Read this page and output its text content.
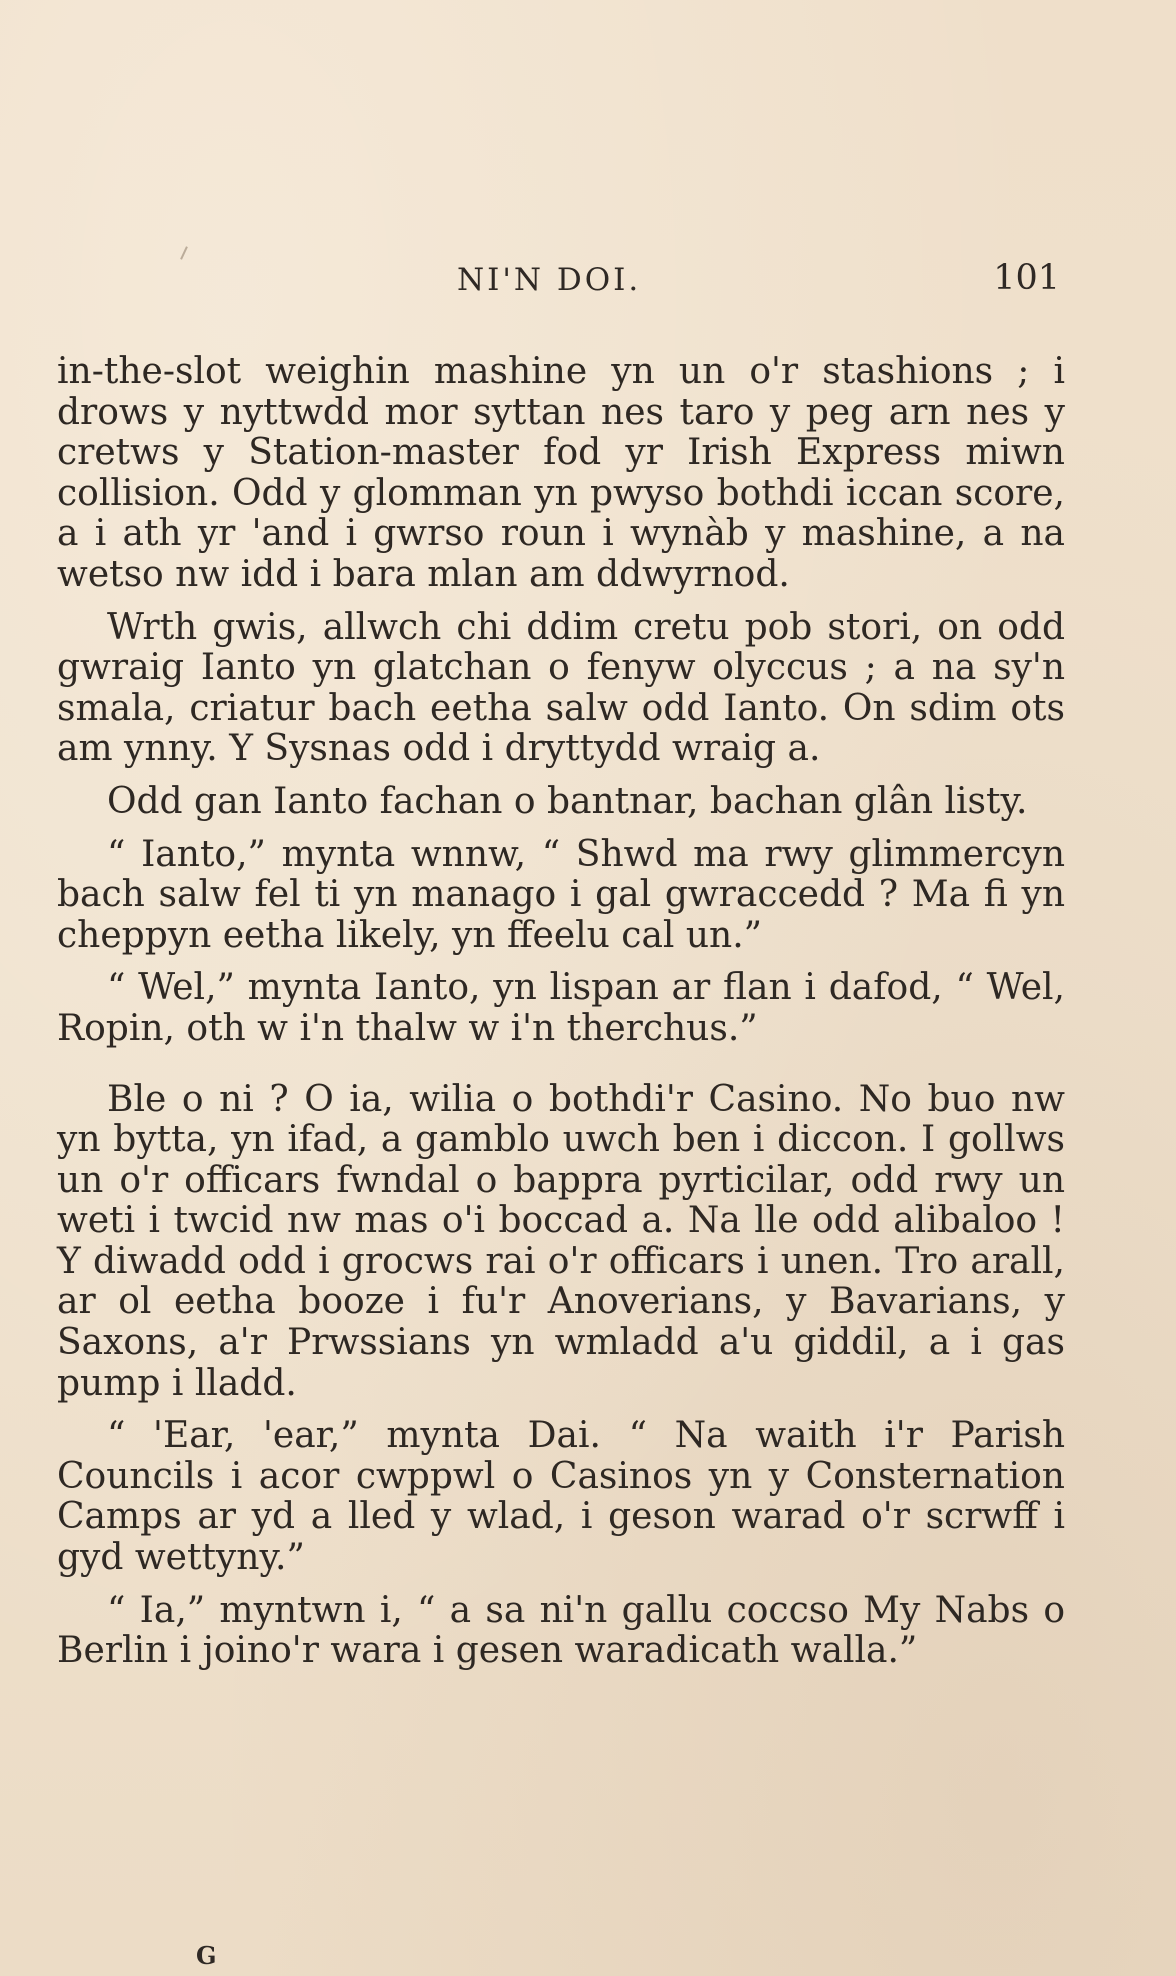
NI'N DOI.	101

in-the-slot weighin mashine yn un o'r stashions ; i drows y nyttwdd mor syttan nes taro y peg arn nes y cretws y Station-master fod yr Irish Express miwn collision. Odd y glomman yn pwyso bothdi iccan score, a i ath yr 'and i gwrso roun i wynàb y mashine, a na wetso nw idd i bara mlan am ddwyrnod.

Wrth gwis, allwch chi ddim cretu pob stori, on odd gwraig Ianto yn glatchan o fenyw olyccus ; a na sy'n smala, criatur bach eetha salw odd Ianto. On sdim ots am ynny. Y Sysnas odd i dryttydd wraig a.

Odd gan Ianto fachan o bantnar, bachan glân listy.

“ Ianto,” mynta wnnw, “ Shwd ma rwy glimmercyn bach salw fel ti yn manago i gal gwraccedd ? Ma fi yn cheppyn eetha likely, yn ffeelu cal un.”

“ Wel,” mynta Ianto, yn lispan ar flan i dafod, “ Wel, Ropin, oth w i'n thalw w i'n therchus.”

Ble o ni ? O ia, wilia o bothdi'r Casino. No buo nw yn bytta, yn ifad, a gamblo uwch ben i diccon. I gollws un o'r officars fwndal o bappra pyrticilar, odd rwy un weti i twcid nw mas o'i boccad a. Na lle odd alibaloo ! Y diwadd odd i grocws rai o'r officars i unen. Tro arall, ar ol eetha booze i fu'r Anoverians, y Bavarians, y Saxons, a'r Prwssians yn wmladd a'u giddil, a i gas pump i lladd.

“ 'Ear, 'ear,” mynta Dai. “ Na waith i'r Parish Councils i acor cwppwl o Casinos yn y Consternation Camps ar yd a lled y wlad, i geson warad o'r scrwff i gyd wettyny.”

“ Ia,” myntwn i, “ a sa ni'n gallu coccso My Nabs o Berlin i joino'r wara i gesen waradicath walla.”

G
